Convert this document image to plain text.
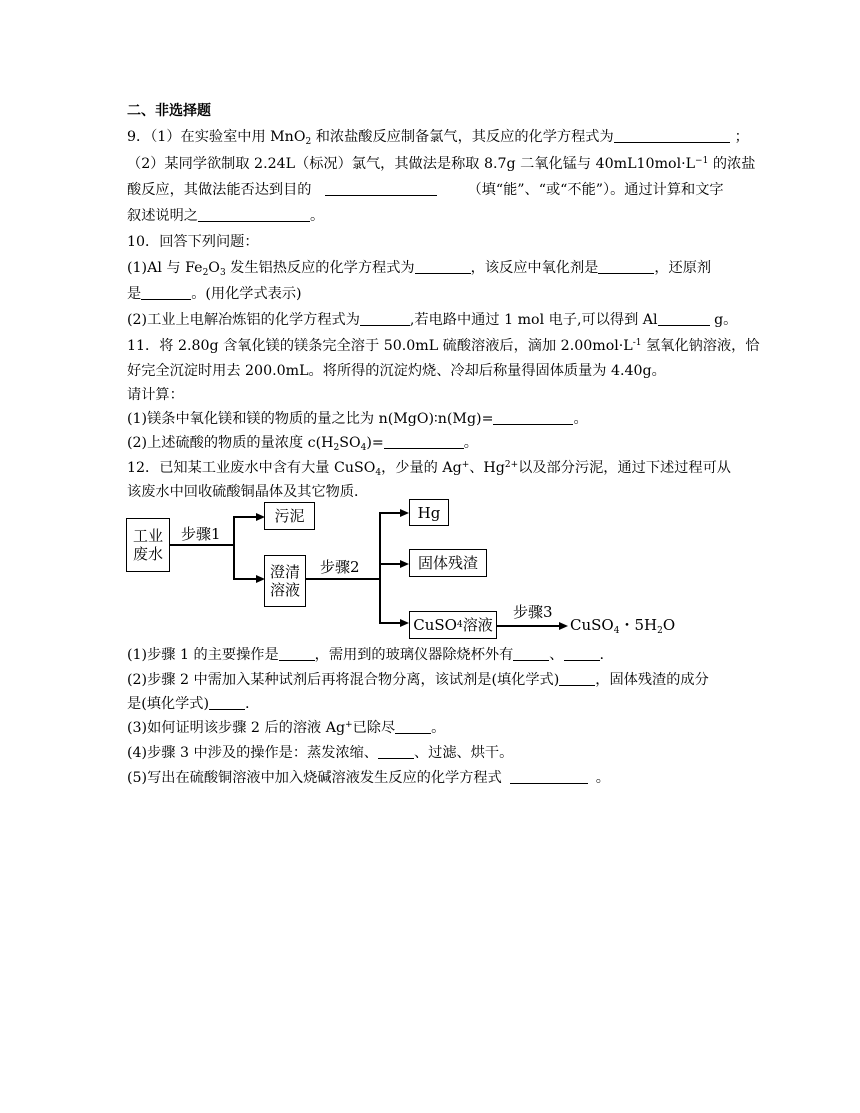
二、非选择题
9．（1）在实验室中用 MnO$_2$ 和浓盐酸反应制备氯气，其反应的化学方程式为	；
（2）某同学欲制取 2.24L（标况）氯气，其做法是称取 8.7g 二氧化锰与 $40mL10mol\cdot L^{-1}$ 的浓盐
酸反应，其做法能否达到目的	（填“能”、“或“不能”）。通过计算和文字
叙述说明之	。
10．回答下列问题：
(1)Al 与 $Fe_2O_3$ 发生铝热反应的化学方程式为	，该反应中氧化剂是	，还原剂
是	。(用化学式表示)
(2)工业上电解冶炼铝的化学方程式为	,若电路中通过 1 mol 电子,可以得到 Al	g。
11．将 2.80g 含氧化镁的镁条完全溶于 50.0mL 硫酸溶液后，滴加 $2.00mol\cdot L^{-1}$ 氢氧化钠溶液，恰
好完全沉淀时用去 200.0mL。将所得的沉淀灼烧、冷却后称量得固体质量为 4.40g。
请计算：
(1)镁条中氧化镁和镁的物质的量之比为 n(MgO)∶n(Mg)=	。
(2)上述硫酸的物质的量浓度 $c(H_2SO_4)=$	。
12．已知某工业废水中含有大量 CuSO$_4$，少量的 Ag+、$Hg^{2+}$以及部分污泥，通过下述过程可从
该废水中回收硫酸铜晶体及其它物质．
工业废水
步骤1
污泥
澄清溶液
步骤2
Hg
固体残渣
CuSO 4 溶液
步骤3
CuSO$_4$・$5H_2O$
(1)步骤 1 的主要操作是	，需用到的玻璃仪器除烧杯外有	、	.
(2)步骤 2 中需加入某种试剂后再将混合物分离，该试剂是(填化学式)	，固体残渣的成分
是(填化学式)	.
(3)如何证明该步骤 2 后的溶液 Ag+已除尽	。
(4)步骤 3 中涉及的操作是：蒸发浓缩、	、过滤、烘干。
(5)写出在硫酸铜溶液中加入烧碱溶液发生反应的化学方程式	。
